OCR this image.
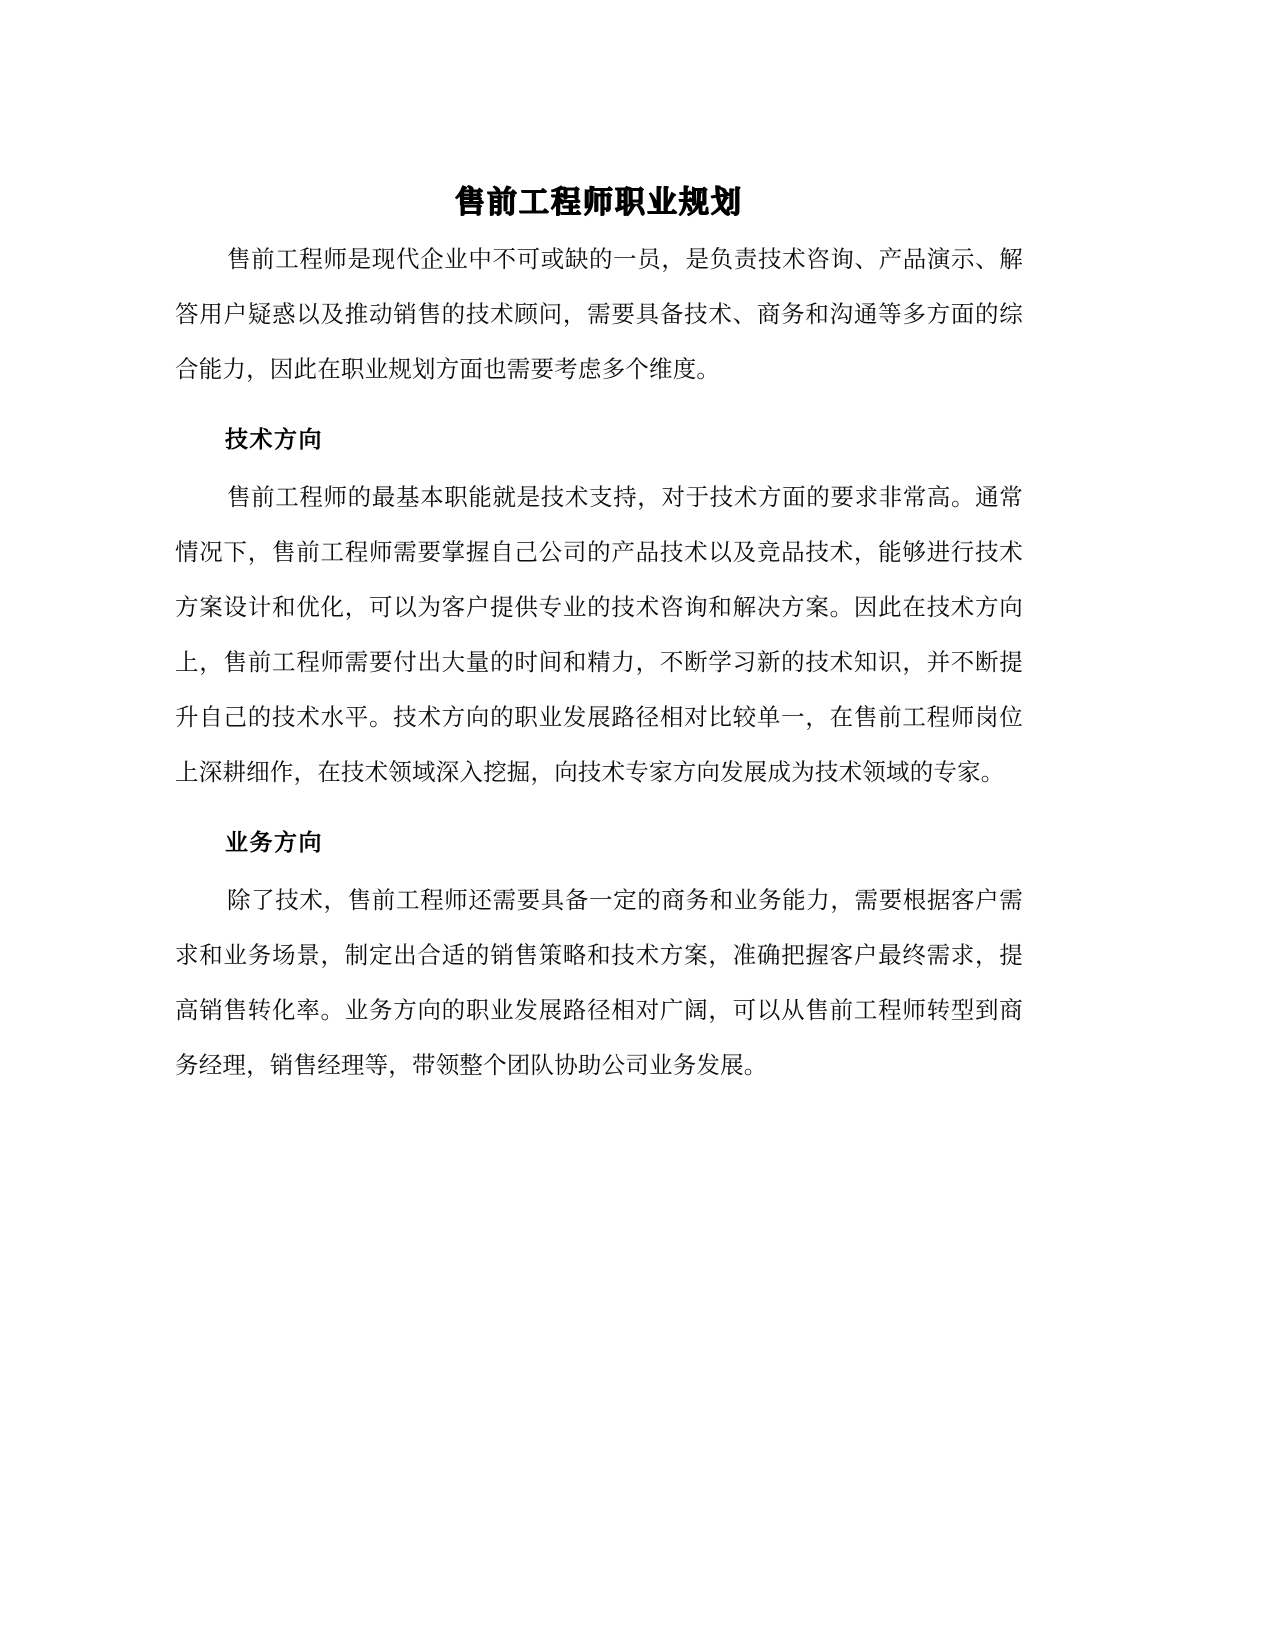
售前工程师职业规划

售前工程师是现代企业中不可或缺的一员，是负责技术咨询、产品演示、解答用户疑惑以及推动销售的技术顾问，需要具备技术、商务和沟通等多方面的综合能力，因此在职业规划方面也需要考虑多个维度。

技术方向

售前工程师的最基本职能就是技术支持，对于技术方面的要求非常高。通常情况下，售前工程师需要掌握自己公司的产品技术以及竞品技术，能够进行技术方案设计和优化，可以为客户提供专业的技术咨询和解决方案。因此在技术方向上，售前工程师需要付出大量的时间和精力，不断学习新的技术知识，并不断提升自己的技术水平。技术方向的职业发展路径相对比较单一，在售前工程师岗位上深耕细作，在技术领域深入挖掘，向技术专家方向发展成为技术领域的专家。

业务方向

除了技术，售前工程师还需要具备一定的商务和业务能力，需要根据客户需求和业务场景，制定出合适的销售策略和技术方案，准确把握客户最终需求，提高销售转化率。业务方向的职业发展路径相对广阔，可以从售前工程师转型到商务经理，销售经理等，带领整个团队协助公司业务发展。
